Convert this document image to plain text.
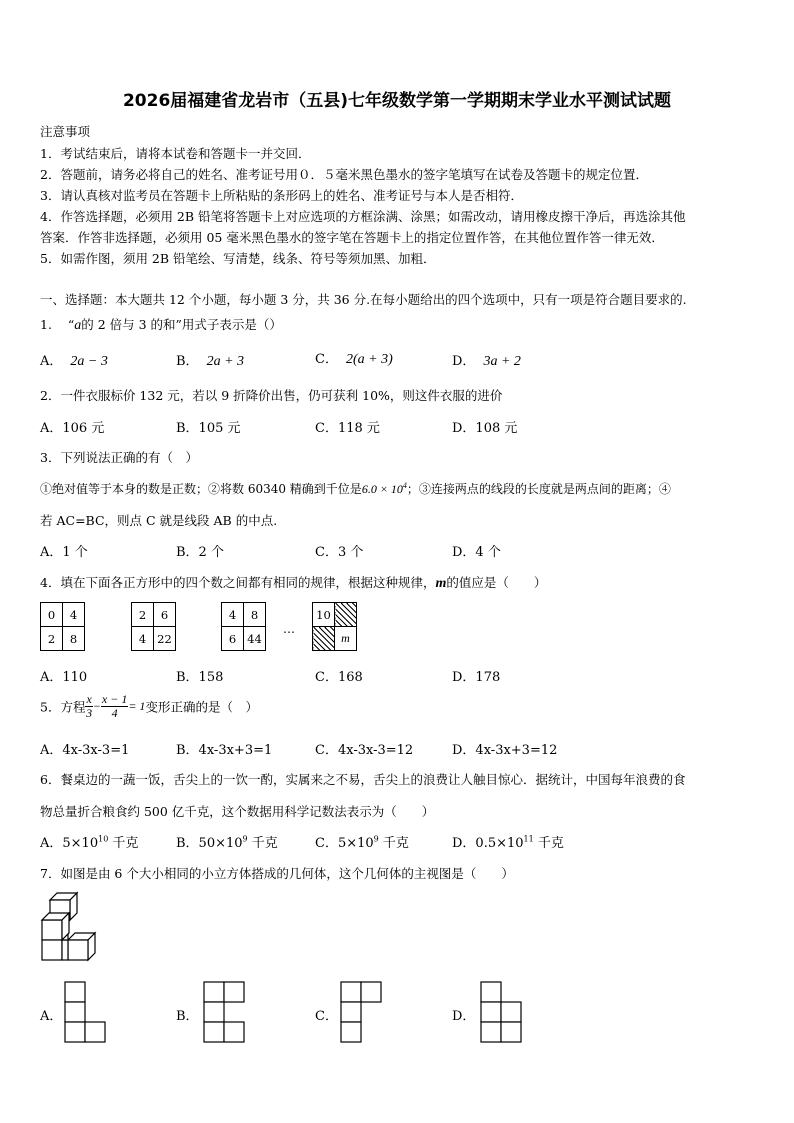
2026届福建省龙岩市（五县)七年级数学第一学期期末学业水平测试试题
注意事项
1．考试结束后，请将本试卷和答题卡一并交回．
2．答题前，请务必将自己的姓名、准考证号用０．５毫米黑色墨水的签字笔填写在试卷及答题卡的规定位置．
3．请认真核对监考员在答题卡上所粘贴的条形码上的姓名、准考证号与本人是否相符．
4．作答选择题，必须用 2B 铅笔将答题卡上对应选项的方框涂满、涂黑；如需改动，请用橡皮擦干净后，再选涂其他
答案．作答非选择题，必须用 05 毫米黑色墨水的签字笔在答题卡上的指定位置作答，在其他位置作答一律无效．
5．如需作图，须用 2B 铅笔绘、写清楚，线条、符号等须加黑、加粗．
一、选择题：本大题共 12 个小题，每小题 3 分，共 36 分.在每小题给出的四个选项中，只有一项是符合题目要求的.
1. “a的 2 倍与 3 的和”用式子表示是（）
A． 2a − 3	B． 2a + 3	C． 2(a + 3)	D． 3a + 2
2．一件衣服标价 132 元，若以 9 折降价出售，仍可获利 10%，则这件衣服的进价
A．106 元	B．105 元	C．118 元	D．108 元
3．下列说法正确的有（　）
①绝对值等于本身的数是正数；②将数 60340 精确到千位是$6.0 \times 10^4$；③连接两点的线段的长度就是两点间的距离；④
若 AC=BC，则点 C 就是线段 AB 的中点.
A．1 个	B．2 个	C．3 个	D．4 个
4．填在下面各正方形中的四个数之间都有相同的规律，根据这种规律，m的值应是（　　）
0	4
2	8
2	6
4	22
4	8
6	44
…
10	
	m
A．110	B．158	C．168	D．178
5．方程 $\frac{x}{3} - \frac{x - 1}{4} = 1$变形正确的是（　）
A．4x-3x-3=1	B．4x-3x+3=1	C．4x-3x-3=12	D．4x-3x+3=12
6．餐桌边的一蔬一饭，舌尖上的一饮一酌，实属来之不易，舌尖上的浪费让人触目惊心．据统计，中国每年浪费的食
物总量折合粮食约 500 亿千克，这个数据用科学记数法表示为（　　）
A．$5\times 10^{10}$ 千克	B．$50\times 10^9$ 千克	C．$5\times 10^9$ 千克	D．$0.5\times 10^{11}$ 千克
7．如图是由 6 个大小相同的小立方体搭成的几何体，这个几何体的主视图是（　　）
A．	B．	C．	D．
